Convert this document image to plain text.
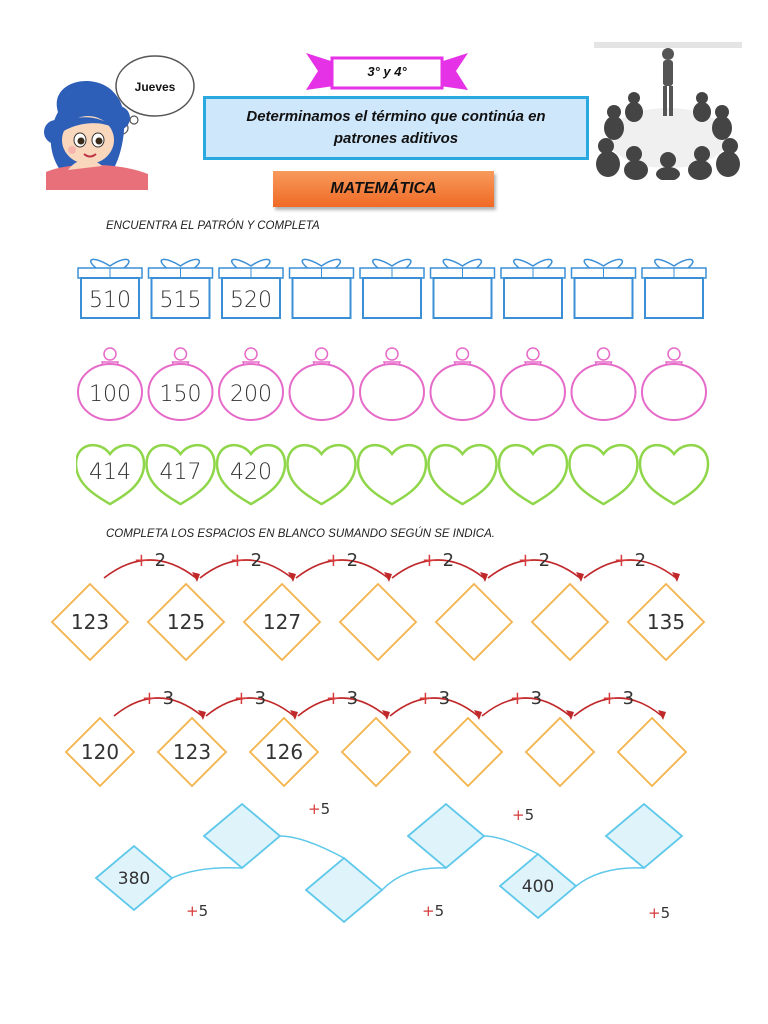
Jueves
3° y 4°
Determinamos el término que continúa en
patrones aditivos
MATEMÁTICA
ENCUENTRA EL PATRÓN Y COMPLETA
510 515 520
100 150 200
414 417 420
COMPLETA LOS ESPACIOS EN BLANCO SUMANDO SEGÚN SE INDICA.
123	125	127	135
+ 2	+ 2	+ 2	+ 2	+ 2	+ 2
120	123	126
+ 3	+ 3	+ 3	+ 3	+ 3	+ 3
380	400
+5
+5
+5
+5
+5
